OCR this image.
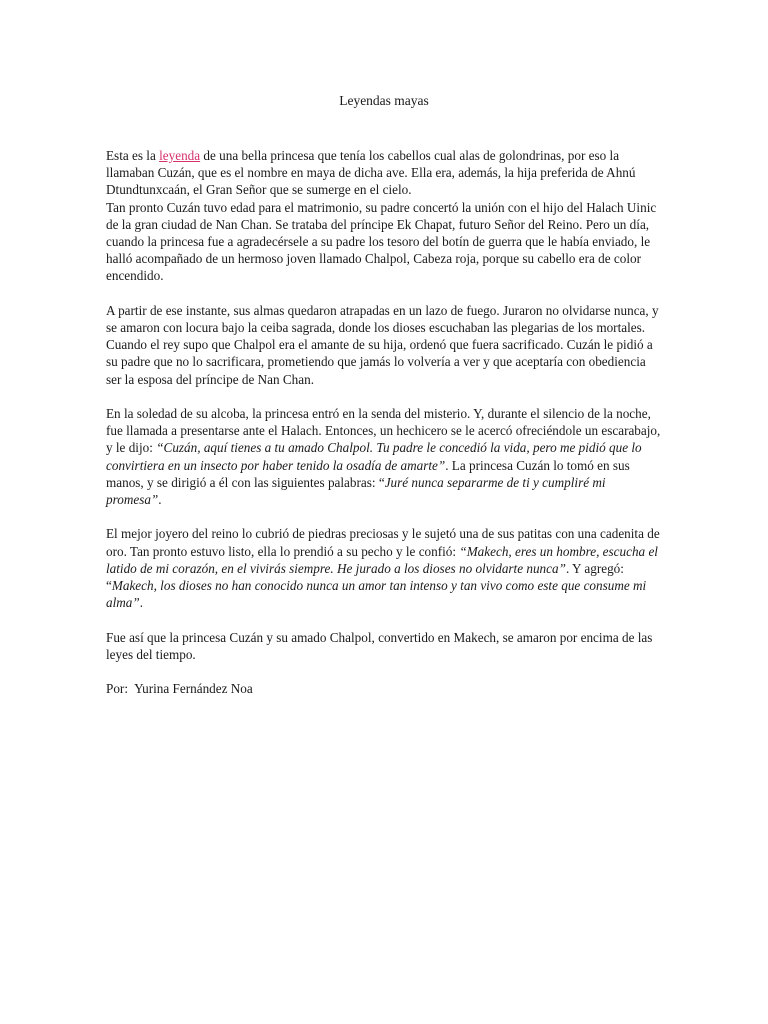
Leyendas mayas

Esta es la leyenda de una bella princesa que tenía los cabellos cual alas de golondrinas, por eso la llamaban Cuzán, que es el nombre en maya de dicha ave. Ella era, además, la hija preferida de Ahnú Dtundtunxcaán, el Gran Señor que se sumerge en el cielo.

Tan pronto Cuzán tuvo edad para el matrimonio, su padre concertó la unión con el hijo del Halach Uinic de la gran ciudad de Nan Chan. Se trataba del príncipe Ek Chapat, futuro Señor del Reino. Pero un día, cuando la princesa fue a agradecérsele a su padre los tesoro del botín de guerra que le había enviado, le halló acompañado de un hermoso joven llamado Chalpol, Cabeza roja, porque su cabello era de color encendido.

A partir de ese instante, sus almas quedaron atrapadas en un lazo de fuego. Juraron no olvidarse nunca, y se amaron con locura bajo la ceiba sagrada, donde los dioses escuchaban las plegarias de los mortales. Cuando el rey supo que Chalpol era el amante de su hija, ordenó que fuera sacrificado. Cuzán le pidió a su padre que no lo sacrificara, prometiendo que jamás lo volvería a ver y que aceptaría con obediencia ser la esposa del príncipe de Nan Chan.

En la soledad de su alcoba, la princesa entró en la senda del misterio. Y, durante el silencio de la noche, fue llamada a presentarse ante el Halach. Entonces, un hechicero se le acercó ofreciéndole un escarabajo, y le dijo: “Cuzán, aquí tienes a tu amado Chalpol. Tu padre le concedió la vida, pero me pidió que lo convirtiera en un insecto por haber tenido la osadía de amarte”. La princesa Cuzán lo tomó en sus manos, y se dirigió a él con las siguientes palabras: “Juré nunca separarme de ti y cumpliré mi promesa”.

El mejor joyero del reino lo cubrió de piedras preciosas y le sujetó una de sus patitas con una cadenita de oro. Tan pronto estuvo listo, ella lo prendió a su pecho y le confió: “Makech, eres un hombre, escucha el latido de mi corazón, en el vivirás siempre. He jurado a los dioses no olvidarte nunca”. Y agregó: “Makech, los dioses no han conocido nunca un amor tan intenso y tan vivo como este que consume mi alma”.

Fue así que la princesa Cuzán y su amado Chalpol, convertido en Makech, se amaron por encima de las leyes del tiempo.

Por:  Yurina Fernández Noa
